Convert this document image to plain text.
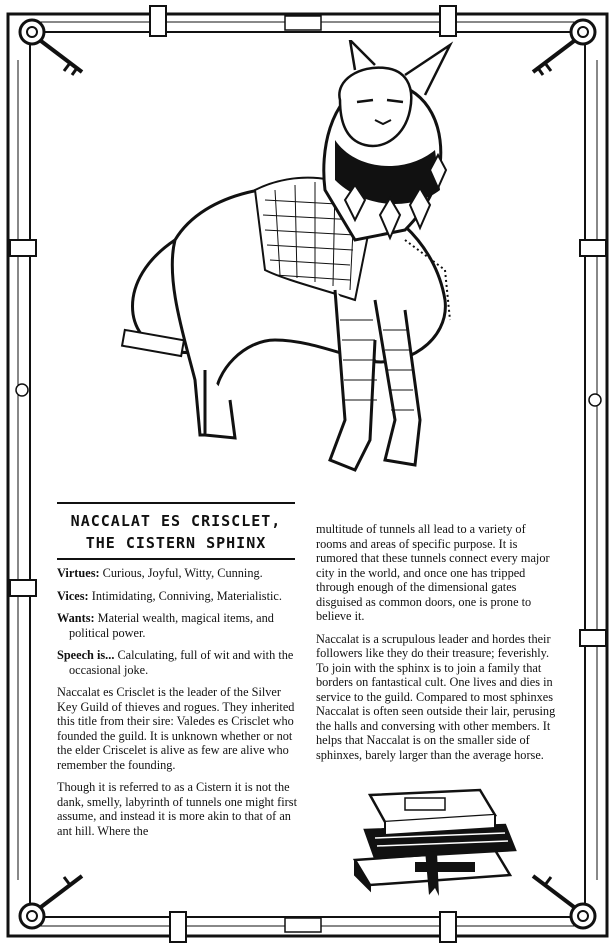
NACCALAT ES CRISCLET,
THE CISTERN SPHINX

Virtues: Curious, Joyful, Witty, Cunning.

Vices: Intimidating, Conniving, Materialistic.

Wants: Material wealth, magical items, and political power.

Speech is... Calculating, full of wit and with the occasional joke.

Naccalat es Crisclet is the leader of the Silver Key Guild of thieves and rogues. They inherited this title from their sire: Valedes es Crisclet who founded the guild. It is unknown whether or not the elder Criscelet is alive as few are alive who remember the founding.

Though it is referred to as a Cistern it is not the dank, smelly, labyrinth of tunnels one might first assume, and instead it is more akin to that of an ant hill. Where the

multitude of tunnels all lead to a variety of rooms and areas of specific purpose. It is rumored that these tunnels connect every major city in the world, and once one has tripped through enough of the dimensional gates disguised as common doors, one is prone to believe it.

Naccalat is a scrupulous leader and hordes their followers like they do their treasure; feverishly. To join with the sphinx is to join a family that borders on fantastical cult. One lives and dies in service to the guild. Compared to most sphinxes Naccalat is often seen outside their lair, perusing the halls and conversing with other members. It helps that Naccalat is on the smaller side of sphinxes, barely larger than the average horse.
